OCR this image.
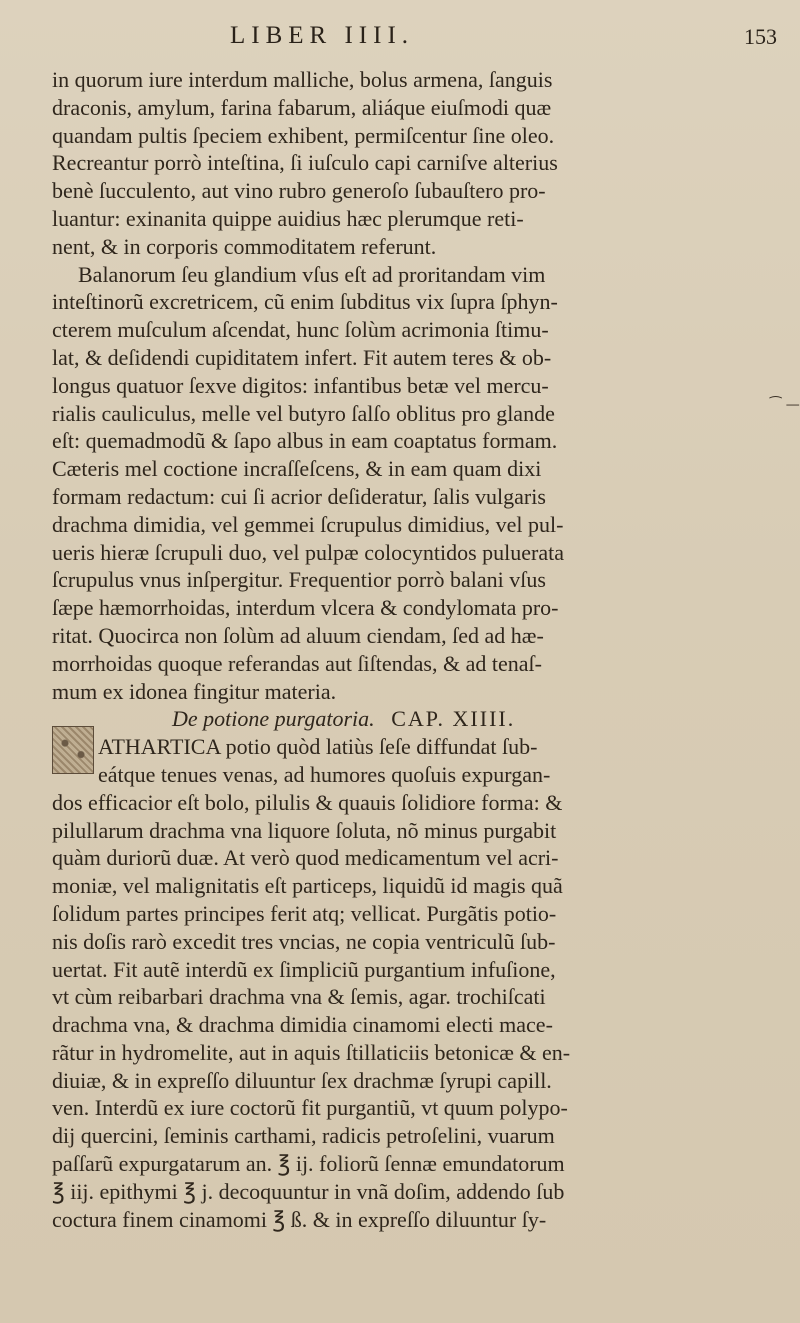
LIBER IIII.	153
⁀ —
in quorum iure interdum malliche, bolus armena, ſanguis
draconis, amylum, farina fabarum, aliáque eiuſmodi quæ
quandam pultis ſpeciem exhibent, permiſcentur ſine oleo.
Recreantur porrò inteſtina, ſi iuſculo capi carniſve alterius
benè ſucculento, aut vino rubro generoſo ſubauſtero pro-
luantur: exinanita quippe auidius hæc plerumque reti-
nent, & in corporis commoditatem referunt.
Balanorum ſeu glandium vſus eſt ad proritandam vim
inteſtinorũ excretricem, cũ enim ſubditus vix ſupra ſphyn-
cterem muſculum aſcendat, hunc ſolùm acrimonia ſtimu-
lat, & deſidendi cupiditatem infert. Fit autem teres & ob-
longus quatuor ſexve digitos: infantibus betæ vel mercu-
rialis cauliculus, melle vel butyro ſalſo oblitus pro glande
eſt: quemadmodũ & ſapo albus in eam coaptatus formam.
Cæteris mel coctione incraſſeſcens, & in eam quam dixi
formam redactum: cui ſi acrior deſideratur, ſalis vulgaris
drachma dimidia, vel gemmei ſcrupulus dimidius, vel pul-
ueris hieræ ſcrupuli duo, vel pulpæ colocyntidos puluerata
ſcrupulus vnus inſpergitur. Frequentior porrò balani vſus
ſæpe hæmorrhoidas, interdum vlcera & condylomata pro-
ritat. Quocirca non ſolùm ad aluum ciendam, ſed ad hæ-
morrhoidas quoque referandas aut ſiſtendas, & ad tenaſ-
mum ex idonea fingitur materia.
De potione purgatoria. CAP. XIIII.
ATHARTICA potio quòd latiùs ſeſe diffundat ſub-
eátque tenues venas, ad humores quoſuis expurgan-
dos efficacior eſt bolo, pilulis & quauis ſolidiore forma: &
pilullarum drachma vna liquore ſoluta, nõ minus purgabit
quàm duriorũ duæ. At verò quod medicamentum vel acri-
moniæ, vel malignitatis eſt particeps, liquidũ id magis quã
ſolidum partes principes ferit atq; vellicat. Purgãtis potio-
nis doſis rarò excedit tres vncias, ne copia ventriculũ ſub-
uertat. Fit autẽ interdũ ex ſimpliciũ purgantium infuſione,
vt cùm reibarbari drachma vna & ſemis, agar. trochiſcati
drachma vna, & drachma dimidia cinamomi electi mace-
rãtur in hydromelite, aut in aquis ſtillaticiis betonicæ & en-
diuiæ, & in expreſſo diluuntur ſex drachmæ ſyrupi capill.
ven. Interdũ ex iure coctorũ fit purgantiũ, vt quum polypo-
dij quercini, ſeminis carthami, radicis petroſelini, vuarum
paſſarũ expurgatarum an. ℥ ij. foliorũ ſennæ emundatorum
℥ iij. epithymi ℥ j. decoquuntur in vnã doſim, addendo ſub
coctura finem cinamomi ℥ ß. & in expreſſo diluuntur ſy-
